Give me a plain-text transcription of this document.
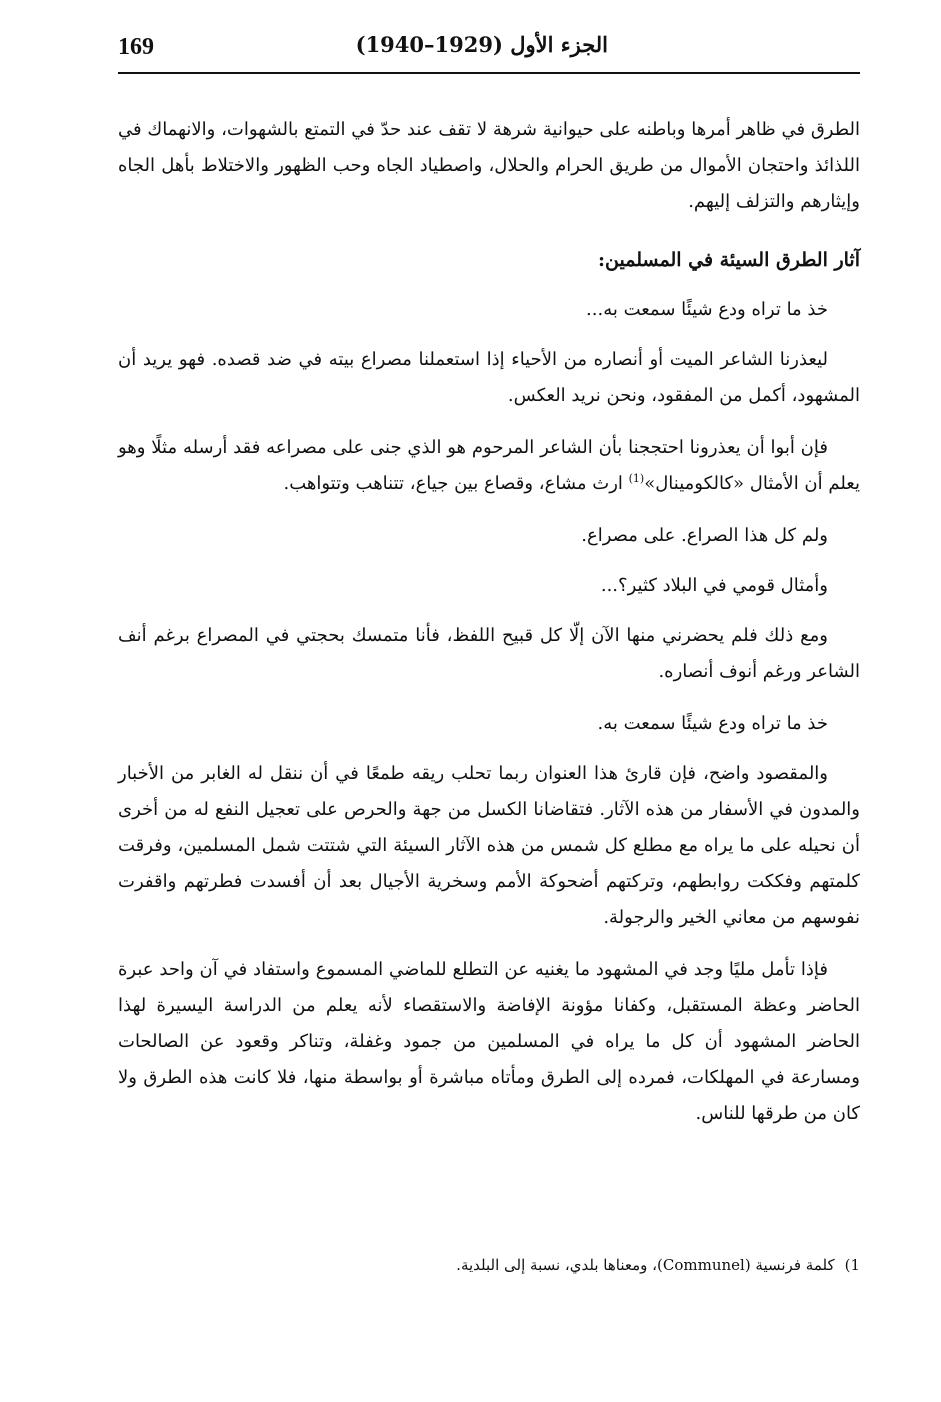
169	الجزء الأول (1929–1940)

الطرق في ظاهر أمرها وباطنه على حيوانية شرهة لا تقف عند حدّ في التمتع بالشهوات، والانهماك في اللذائذ واحتجان الأموال من طريق الحرام والحلال، واصطياد الجاه وحب الظهور والاختلاط بأهل الجاه وإيثارهم والتزلف إليهم.

آثار الطرق السيئة في المسلمين:

خذ ما تراه ودع شيئًا سمعت به...

ليعذرنا الشاعر الميت أو أنصاره من الأحياء إذا استعملنا مصراع بيته في ضد قصده. فهو يريد أن المشهود، أكمل من المفقود، ونحن نريد العكس.

فإن أبوا أن يعذرونا احتججنا بأن الشاعر المرحوم هو الذي جنى على مصراعه فقد أرسله مثلًا وهو يعلم أن الأمثال «كالكومينال»$^{(1)}$ ارث مشاع، وقصاع بين جياع، تتناهب وتتواهب.

ولم كل هذا الصراع. على مصراع.

وأمثال قومي في البلاد كثير؟...

ومع ذلك فلم يحضرني منها الآن إلّا كل قبيح اللفظ، فأنا متمسك بحجتي في المصراع برغم أنف الشاعر ورغم أنوف أنصاره.

خذ ما تراه ودع شيئًا سمعت به.

والمقصود واضح، فإن قارئ هذا العنوان ربما تحلب ريقه طمعًا في أن ننقل له الغابر من الأخبار والمدون في الأسفار من هذه الآثار. فتقاضانا الكسل من جهة والحرص على تعجيل النفع له من أخرى أن نحيله على ما يراه مع مطلع كل شمس من هذه الآثار السيئة التي شتتت شمل المسلمين، وفرقت كلمتهم وفككت روابطهم، وتركتهم أضحوكة الأمم وسخرية الأجيال بعد أن أفسدت فطرتهم واقفرت نفوسهم من معاني الخير والرجولة.

فإذا تأمل مليًا وجد في المشهود ما يغنيه عن التطلع للماضي المسموع واستفاد في آن واحد عبرة الحاضر وعظة المستقبل، وكفانا مؤونة الإفاضة والاستقصاء لأنه يعلم من الدراسة اليسيرة لهذا الحاضر المشهود أن كل ما يراه في المسلمين من جمود وغفلة، وتناكر وقعود عن الصالحات ومسارعة في المهلكات، فمرده إلى الطرق ومأتاه مباشرة أو بواسطة منها، فلا كانت هذه الطرق ولا كان من طرقها للناس.

1)كلمة فرنسية (Communel)، ومعناها بلدي، نسبة إلى البلدية.
